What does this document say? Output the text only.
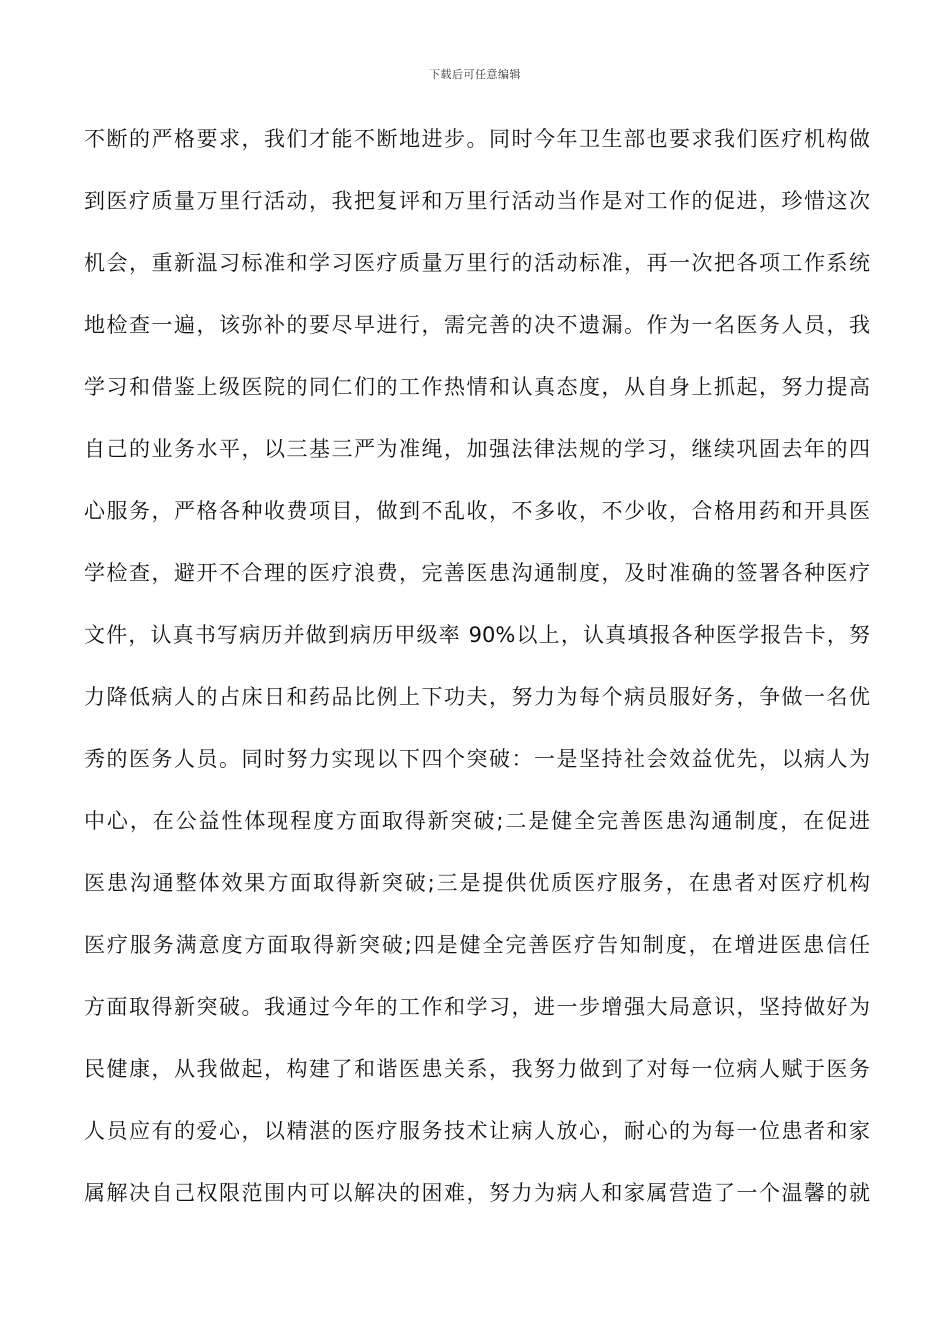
下载后可任意编辑
不断的严格要求，我们才能不断地进步。同时今年卫生部也要求我们医疗机构做
到医疗质量万里行活动，我把复评和万里行活动当作是对工作的促进，珍惜这次
机会，重新温习标准和学习医疗质量万里行的活动标准，再一次把各项工作系统
地检查一遍，该弥补的要尽早进行，需完善的决不遗漏。作为一名医务人员，我
学习和借鉴上级医院的同仁们的工作热情和认真态度，从自身上抓起，努力提高
自己的业务水平，以三基三严为准绳，加强法律法规的学习，继续巩固去年的四
心服务，严格各种收费项目，做到不乱收，不多收，不少收，合格用药和开具医
学检查，避开不合理的医疗浪费，完善医患沟通制度，及时准确的签署各种医疗
文件，认真书写病历并做到病历甲级率 90%以上，认真填报各种医学报告卡，努
力降低病人的占床日和药品比例上下功夫，努力为每个病员服好务，争做一名优
秀的医务人员。同时努力实现以下四个突破：一是坚持社会效益优先，以病人为
中心，在公益性体现程度方面取得新突破;二是健全完善医患沟通制度，在促进
医患沟通整体效果方面取得新突破;三是提供优质医疗服务，在患者对医疗机构
医疗服务满意度方面取得新突破;四是健全完善医疗告知制度，在增进医患信任
方面取得新突破。我通过今年的工作和学习，进一步增强大局意识，坚持做好为
民健康，从我做起，构建了和谐医患关系，我努力做到了对每一位病人赋于医务
人员应有的爱心，以精湛的医疗服务技术让病人放心，耐心的为每一位患者和家
属解决自己权限范围内可以解决的困难，努力为病人和家属营造了一个温馨的就
